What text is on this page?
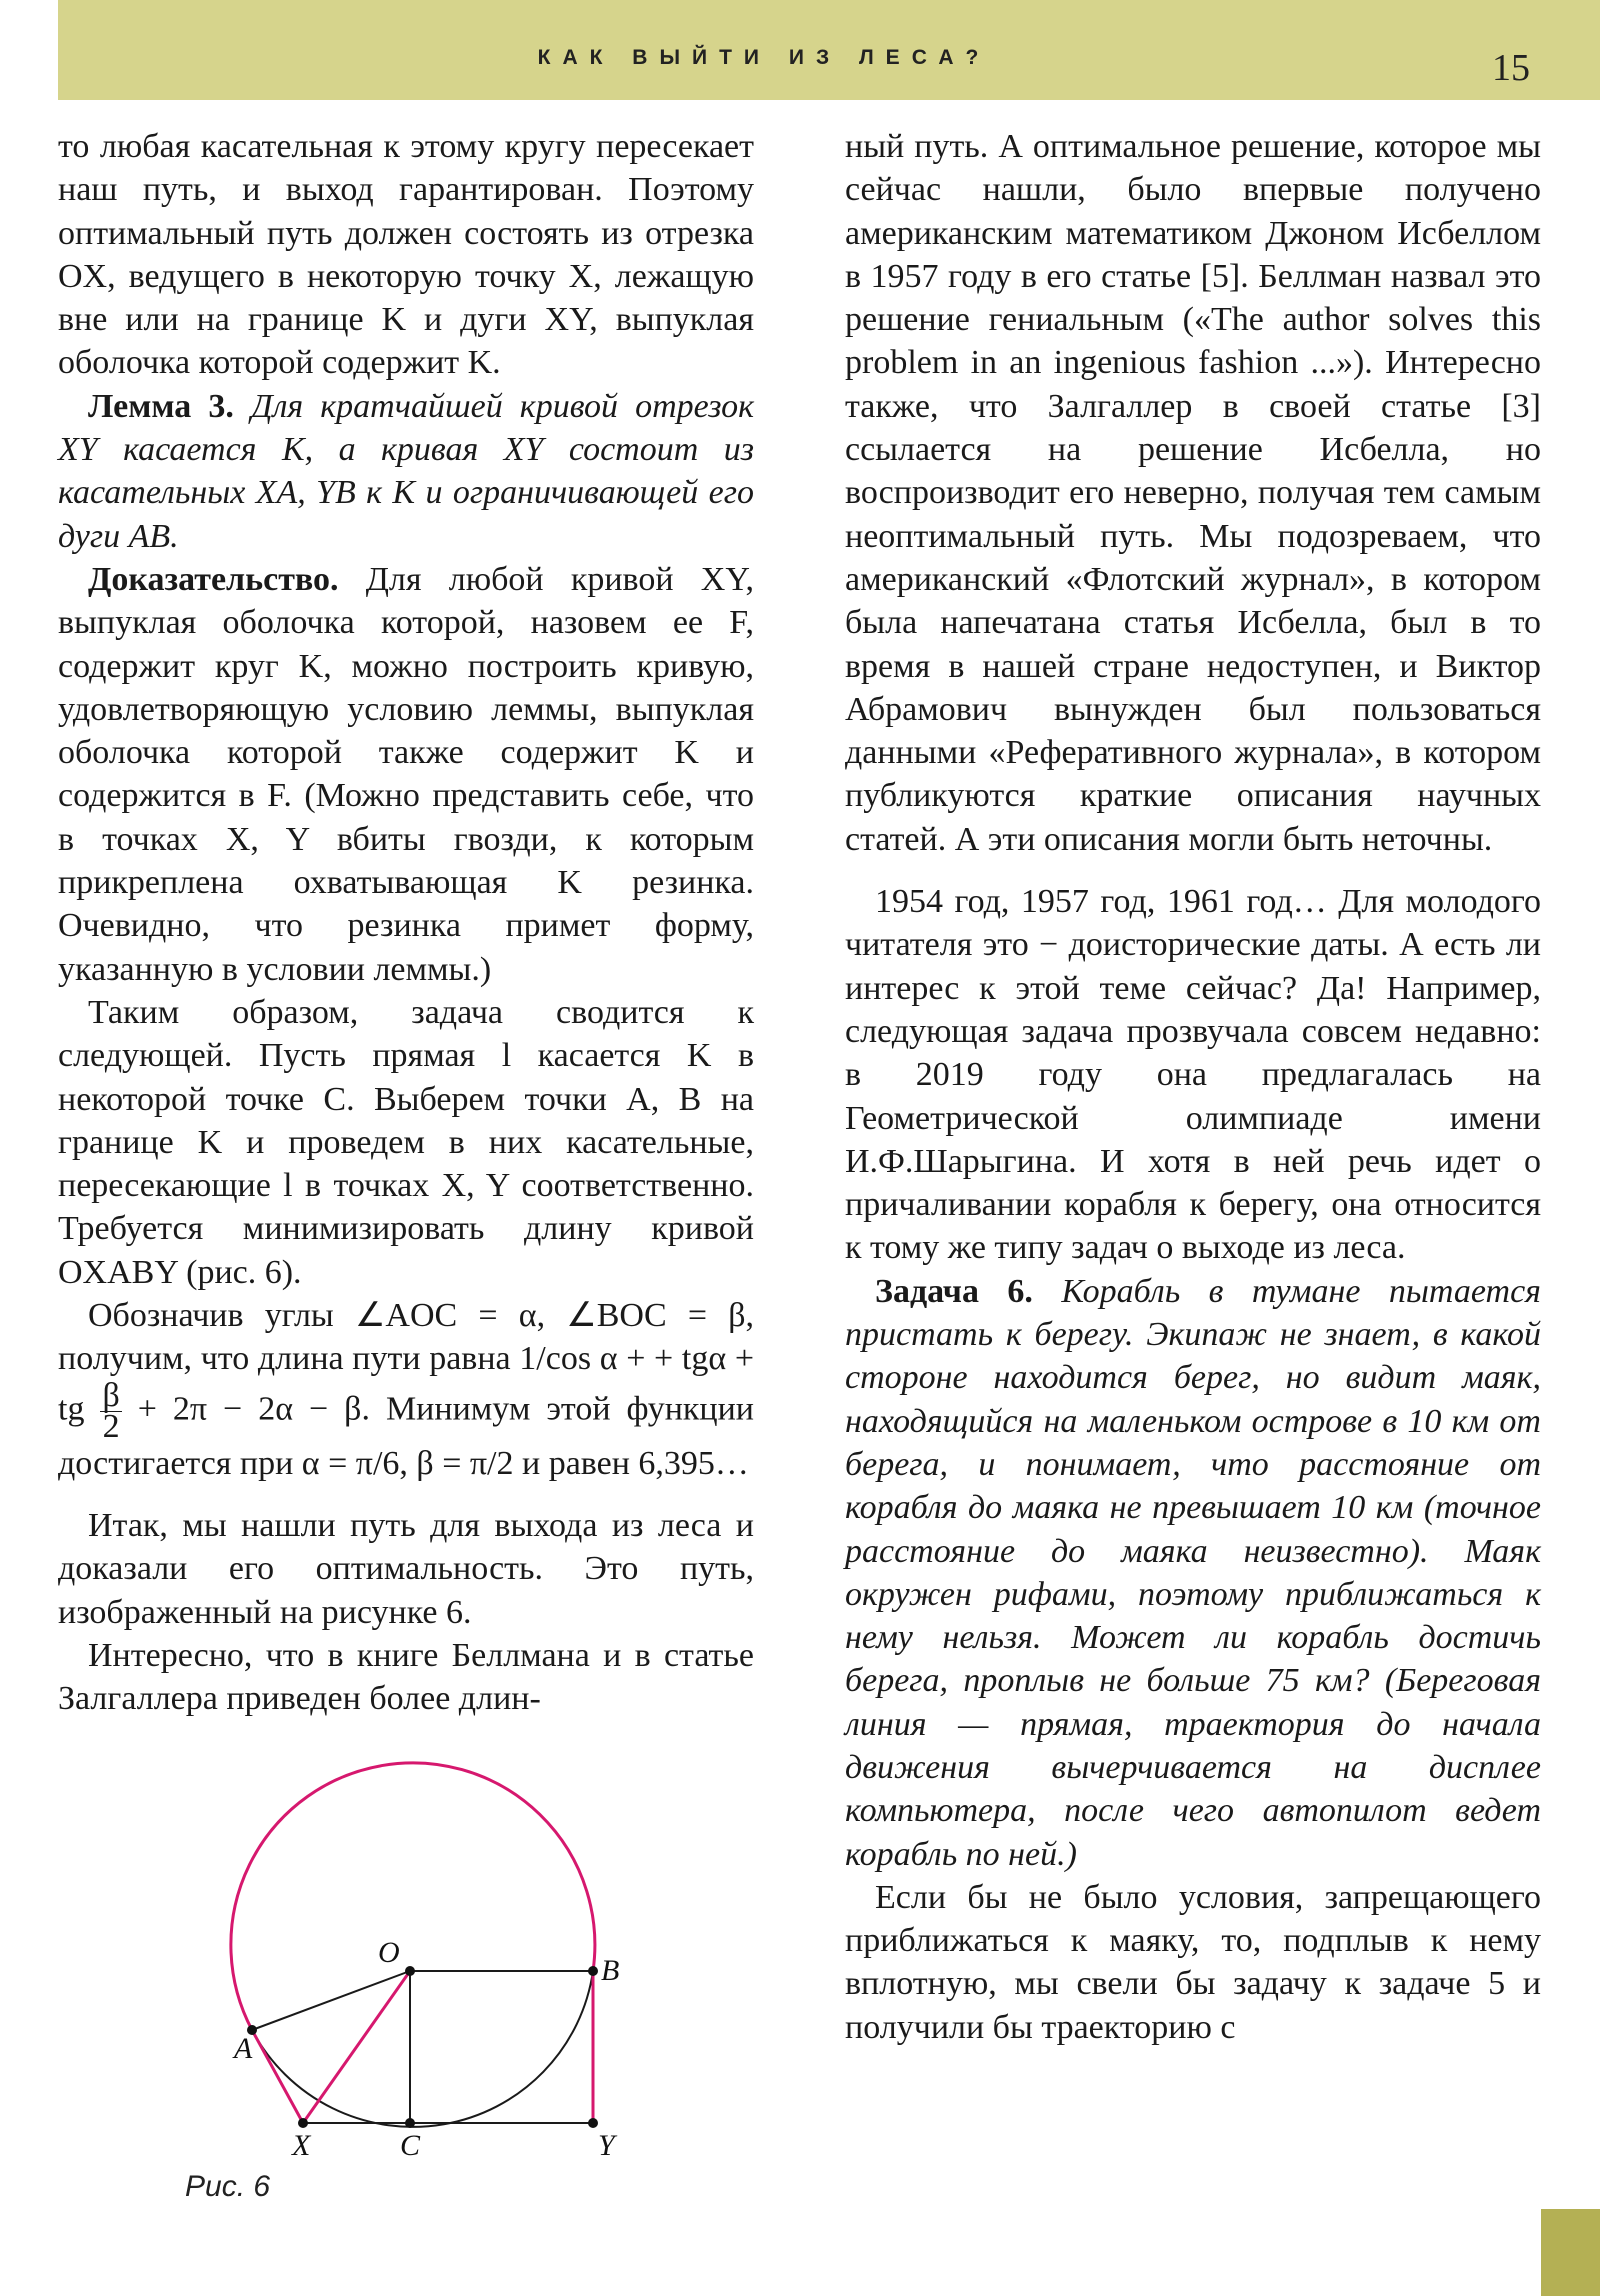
КАК ВЫЙТИ ИЗ ЛЕСА?	15

то любая касательная к этому кругу пересекает наш путь, и выход гарантирован. Поэтому оптимальный путь должен состоять из отрезка OX, ведущего в некоторую точку X, лежащую вне или на границе K и дуги XY, выпуклая оболочка которой содержит K.

Лемма 3. Для кратчайшей кривой отрезок XY касается K, а кривая XY состоит из касательных XA, YB к K и ограничивающей его дуги AB.

Доказательство. Для любой кривой XY, выпуклая оболочка которой, назовем ее F, содержит круг K, можно построить кривую, удовлетворяющую условию леммы, выпуклая оболочка которой также содержит K и содержится в F. (Можно представить себе, что в точках X, Y вбиты гвозди, к которым прикреплена охватывающая K резинка. Очевидно, что резинка примет форму, указанную в условии леммы.)

Таким образом, задача сводится к следующей. Пусть прямая l касается K в некоторой точке C. Выберем точки A, B на границе K и проведем в них касательные, пересекающие l в точках X, Y соответственно. Требуется минимизировать длину кривой OXABY (рис. 6).

Обозначив углы ∠AOC = α, ∠BOC = β, получим, что длина пути равна 1/cos α + + tgα + tg $\frac{\beta}{2} + 2\pi - 2\alpha - \beta$. Минимум этой функции достигается при α = π/6, β = π/2 и равен 6,395…

Итак, мы нашли путь для выхода из леса и доказали его оптимальность. Это путь, изображенный на рисунке 6.

Интересно, что в книге Беллмана и в статье Залгаллера приведен более длин-

ный путь. А оптимальное решение, которое мы сейчас нашли, было впервые получено американским математиком Джоном Исбеллом в 1957 году в его статье [5]. Беллман назвал это решение гениальным («The author solves this problem in an ingenious fashion ...»). Интересно также, что Залгаллер в своей статье [3] ссылается на решение Исбелла, но воспроизводит его неверно, получая тем самым неоптимальный путь. Мы подозреваем, что американский «Флотский журнал», в котором была напечатана статья Исбелла, был в то время в нашей стране недоступен, и Виктор Абрамович вынужден был пользоваться данными «Реферативного журнала», в котором публикуются краткие описания научных статей. А эти описания могли быть неточны.

1954 год, 1957 год, 1961 год… Для молодого читателя это − доисторические даты. А есть ли интерес к этой теме сейчас? Да! Например, следующая задача прозвучала совсем недавно: в 2019 году она предлагалась на Геометрической олимпиаде имени И.Ф.Шарыгина. И хотя в ней речь идет о причаливании корабля к берегу, она относится к тому же типу задач о выходе из леса.

Задача 6. Корабль в тумане пытается пристать к берегу. Экипаж не знает, в какой стороне находится берег, но видит маяк, находящийся на маленьком острове в 10 км от берега, и понимает, что расстояние от корабля до маяка не превышает 10 км (точное расстояние до маяка неизвестно). Маяк окружен рифами, поэтому приближаться к нему нельзя. Может ли корабль достичь берега, проплыв не больше 75 км? (Береговая линия — прямая, траектория до начала движения вычерчивается на дисплее компьютера, после чего автопилот ведет корабль по ней.)

Если бы не было условия, запрещающего приближаться к маяку, то, подплыв к нему вплотную, мы свели бы задачу к задаче 5 и получили бы траекторию с

O
A
B
X	C	Y
Рис. 6
